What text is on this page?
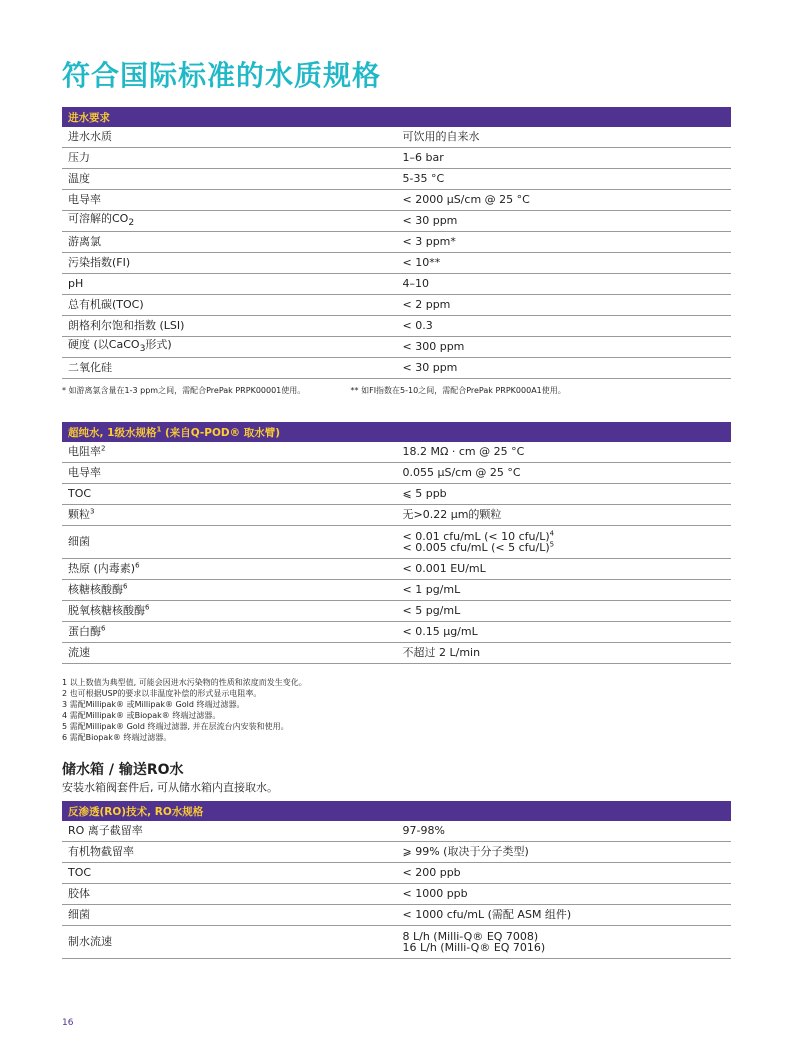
符合国际标准的水质规格
进水要求	
进水水质	可饮用的自来水
压力	1–6 bar
温度	5-35 °C
电导率	< 2000 µS/cm @ 25 °C
可溶解的$CO_2$	< 30 ppm
游离氯	< 3 ppm*
污染指数(FI)	< 10**
pH	4–10
总有机碳(TOC)	< 2 ppm
朗格利尔饱和指数 (LSI)	< 0.3
硬度 (以CaCO$_3$形式)	< 300 ppm
二氧化硅	< 30 ppm
* 如游离氯含量在1-3 ppm之间，需配合PrePak PRPK00001使用。	** 如FI指数在5-10之间，需配合PrePak PRPK000A1使用。
超纯水, 1级水规格$^1$ (来自Q-POD® 取水臂)	
电阻率$^2$	18.2 MΩ · cm @ 25 °C
电导率	0.055 µS/cm @ 25 °C
TOC	⩽ 5 ppb
颗粒$^3$	无>0.22 µm的颗粒
细菌	< 0.01 cfu/mL (< 10 cfu/L)$^4$
< 0.005 cfu/mL (< 5 cfu/L)$^5$
热原 (内毒素)$^6$	< 0.001 EU/mL
核糖核酸酶$^6$	< 1 pg/mL
脱氧核糖核酸酶$^6$	< 5 pg/mL
蛋白酶$^6$	< 0.15 µg/mL
流速	不超过 2 L/min
1 以上数值为典型值, 可能会因进水污染物的性质和浓度而发生变化。
2 也可根据USP的要求以非温度补偿的形式显示电阻率。
3 需配Millipak® 或Millipak® Gold 终端过滤器。
4 需配Millipak® 或Biopak® 终端过滤器。
5 需配Millipak® Gold 终端过滤器, 并在层流台内安装和使用。
6 需配Biopak® 终端过滤器。
储水箱 / 输送RO水

安装水箱阀套件后, 可从储水箱内直接取水。

反渗透(RO)技术, RO水规格	
RO 离子截留率	97-98%
有机物截留率	⩾ 99% (取决于分子类型)
TOC	< 200 ppb
胶体	< 1000 ppb
细菌	< 1000 cfu/mL (需配 ASM 组件)
制水流速	8 L/h (Milli-Q® EQ 7008)
16 L/h (Milli-Q® EQ 7016)
16
